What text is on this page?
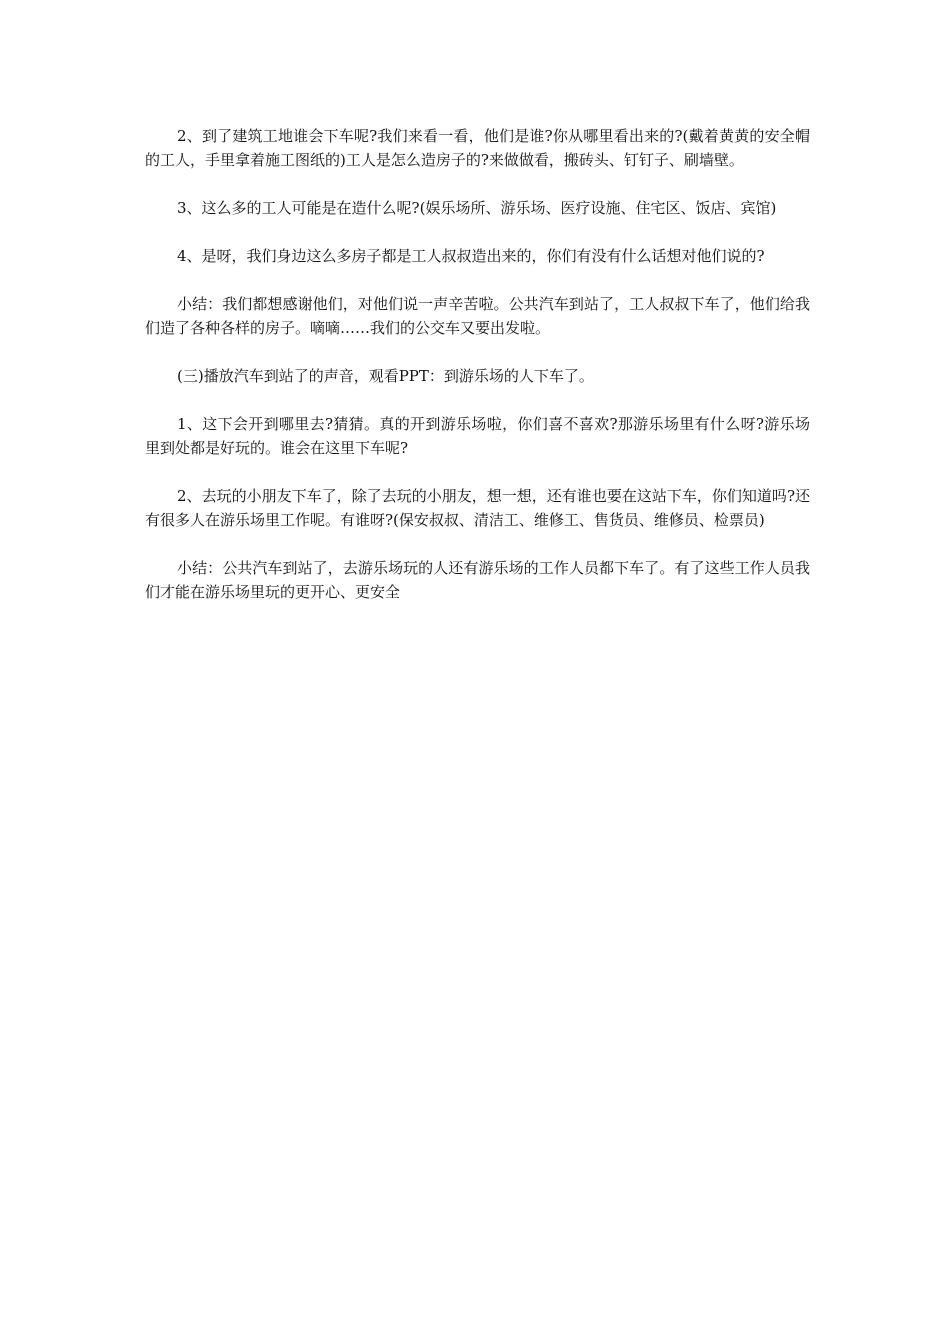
2、到了建筑工地谁会下车呢?我们来看一看，他们是谁?你从哪里看出来的?(戴着黄黄的安全帽的工人，手里拿着施工图纸的)工人是怎么造房子的?来做做看，搬砖头、钉钉子、刷墙壁。

3、这么多的工人可能是在造什么呢?(娱乐场所、游乐场、医疗设施、住宅区、饭店、宾馆)

4、是呀，我们身边这么多房子都是工人叔叔造出来的，你们有没有什么话想对他们说的?

小结：我们都想感谢他们，对他们说一声辛苦啦。公共汽车到站了，工人叔叔下车了，他们给我们造了各种各样的房子。嘀嘀……我们的公交车又要出发啦。

(三)播放汽车到站了的声音，观看PPT：到游乐场的人下车了。

1、这下会开到哪里去?猜猜。真的开到游乐场啦，你们喜不喜欢?那游乐场里有什么呀?游乐场里到处都是好玩的。谁会在这里下车呢?

2、去玩的小朋友下车了，除了去玩的小朋友，想一想，还有谁也要在这站下车，你们知道吗?还有很多人在游乐场里工作呢。有谁呀?(保安叔叔、清洁工、维修工、售货员、维修员、检票员)

小结：公共汽车到站了，去游乐场玩的人还有游乐场的工作人员都下车了。有了这些工作人员我们才能在游乐场里玩的更开心、更安全
